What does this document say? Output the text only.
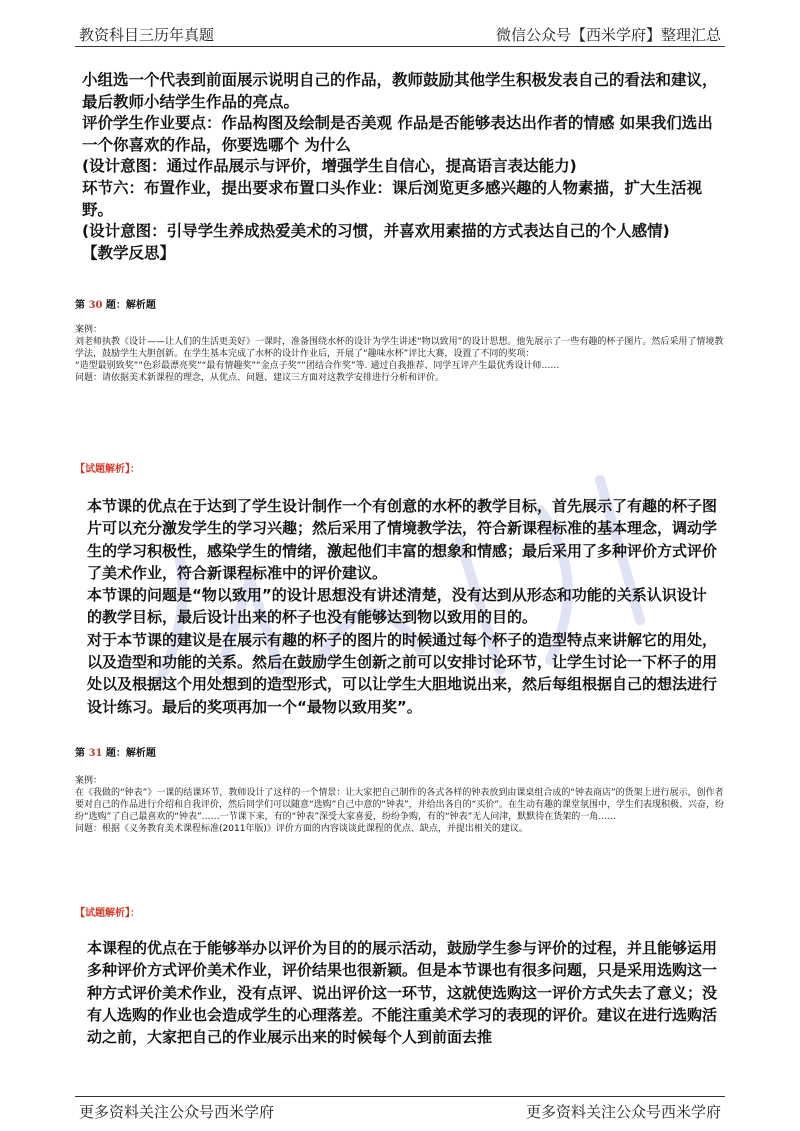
教资科目三历年真题	微信公众号【西米学府】整理汇总

小组选一个代表到前面展示说明自己的作品，教师鼓励其他学生积极发表自己的看法和建议，最后教师小结学生作品的亮点。

评价学生作业要点：作品构图及绘制是否美观 作品是否能够表达出作者的情感 如果我们选出一个你喜欢的作品，你要选哪个 为什么

(设计意图：通过作品展示与评价，增强学生自信心，提高语言表达能力)

环节六：布置作业，提出要求布置口头作业：课后浏览更多感兴趣的人物素描，扩大生活视野。

(设计意图：引导学生养成热爱美术的习惯，并喜欢用素描的方式表达自己的个人感情)

【教学反思】

第 30 题：解析题

案例：

刘老师执教《设计——让人们的生活更美好》一课时，准备围绕水杯的设计为学生讲述“物以致用”的设计思想。他先展示了一些有趣的杯子图片。然后采用了情境教学法，鼓励学生大胆创新。在学生基本完成了水杯的设计作业后，开展了“趣味水杯”评比大赛，设置了不同的奖项：

“造型最别致奖”“色彩最漂亮奖”“最有情趣奖”“金点子奖”“团结合作奖”等. 通过自我推荐、同学互评产生最优秀设计师……

问题：请依据美术新课程的理念，从优点、问题、建议三方面对这教学安排进行分析和评价。

【试题解析】：

本节课的优点在于达到了学生设计制作一个有创意的水杯的教学目标，首先展示了有趣的杯子图片可以充分激发学生的学习兴趣；然后采用了情境教学法，符合新课程标准的基本理念，调动学生的学习积极性，感染学生的情绪，激起他们丰富的想象和情感；最后采用了多种评价方式评价了美术作业，符合新课程标准中的评价建议。

本节课的问题是“物以致用”的设计思想没有讲述清楚，没有达到从形态和功能的关系认识设计的教学目标，最后设计出来的杯子也没有能够达到物以致用的目的。

对于本节课的建议是在展示有趣的杯子的图片的时候通过每个杯子的造型特点来讲解它的用处，以及造型和功能的关系。然后在鼓励学生创新之前可以安排讨论环节，让学生讨论一下杯子的用处以及根据这个用处想到的造型形式，可以让学生大胆地说出来，然后每组根据自己的想法进行设计练习。最后的奖项再加一个“最物以致用奖”。

第 31 题：解析题

案例：

在《我做的“钟表”》一课的结课环节，教师设计了这样的一个情景：让大家把自己制作的各式各样的钟表放到由课桌组合成的“钟表商店”的货架上进行展示，创作者要对自己的作品进行介绍和自我评价，然后同学们可以随意“选购”自己中意的“钟表”，并给出各自的“买价”。在生动有趣的课堂氛围中，学生们表现积极、兴奋，纷纷“选购”了自己最喜欢的“钟表”……一节课下来，有的“钟表”深受大家喜爱，纷纷争购，有的“钟表”无人问津，默默待在货架的一角……

问题：根据《义务教育美术课程标准(2011年版)》评价方面的内容谈谈此课程的优点、缺点，并提出相关的建议。

【试题解析】：

本课程的优点在于能够举办以评价为目的的展示活动，鼓励学生参与评价的过程，并且能够运用多种评价方式评价美术作业，评价结果也很新颖。但是本节课也有很多问题，只是采用选购这一种方式评价美术作业，没有点评、说出评价这一环节，这就使选购这一评价方式失去了意义；没有人选购的作业也会造成学生的心理落差。不能注重美术学习的表现的评价。建议在进行选购活动之前，大家把自己的作业展示出来的时候每个人到前面去推

更多资料关注公众号西米学府	更多资料关注公众号西米学府
